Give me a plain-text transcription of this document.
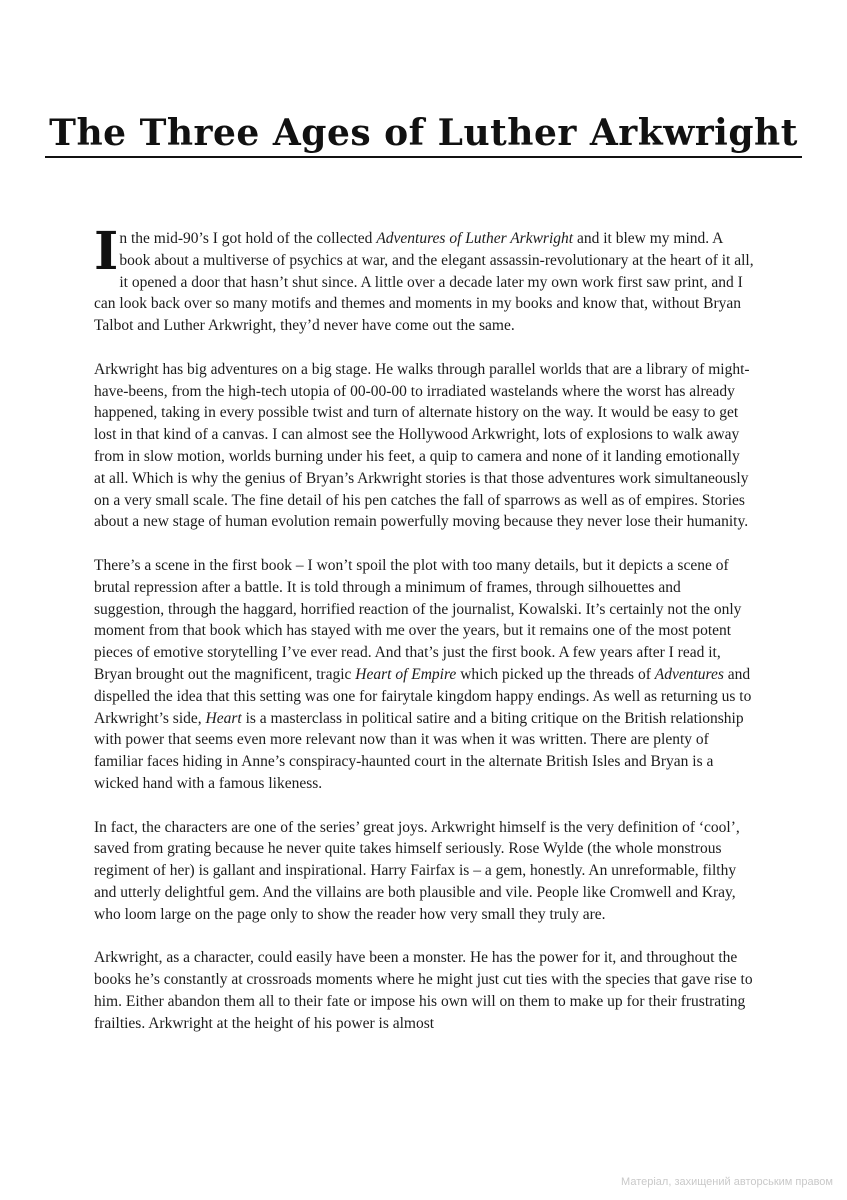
The Three Ages of Luther Arkwright

In the mid-90’s I got hold of the collected Adventures of Luther Arkwright and it blew my mind. A book about a multiverse of psychics at war, and the elegant assassin-revolutionary at the heart of it all, it opened a door that hasn’t shut since. A little over a decade later my own work first saw print, and I can look back over so many motifs and themes and moments in my books and know that, without Bryan Talbot and Luther Arkwright, they’d never have come out the same.

Arkwright has big adventures on a big stage. He walks through parallel worlds that are a library of might-have-beens, from the high-tech utopia of 00-00-00 to irradiated wastelands where the worst has already happened, taking in every possible twist and turn of alternate history on the way. It would be easy to get lost in that kind of a canvas. I can almost see the Hollywood Arkwright, lots of explosions to walk away from in slow motion, worlds burning under his feet, a quip to camera and none of it landing emotionally at all. Which is why the genius of Bryan’s Arkwright stories is that those adventures work simultaneously on a very small scale. The fine detail of his pen catches the fall of sparrows as well as of empires. Stories about a new stage of human evolution remain powerfully moving because they never lose their humanity.

There’s a scene in the first book – I won’t spoil the plot with too many details, but it depicts a scene of brutal repression after a battle. It is told through a minimum of frames, through silhouettes and suggestion, through the haggard, horrified reaction of the journalist, Kowalski. It’s certainly not the only moment from that book which has stayed with me over the years, but it remains one of the most potent pieces of emotive storytelling I’ve ever read. And that’s just the first book. A few years after I read it, Bryan brought out the magnificent, tragic Heart of Empire which picked up the threads of Adventures and dispelled the idea that this setting was one for fairytale kingdom happy endings. As well as returning us to Arkwright’s side, Heart is a masterclass in political satire and a biting critique on the British relationship with power that seems even more relevant now than it was when it was written. There are plenty of familiar faces hiding in Anne’s conspiracy-haunted court in the alternate British Isles and Bryan is a wicked hand with a famous likeness.

In fact, the characters are one of the series’ great joys. Arkwright himself is the very definition of ‘cool’, saved from grating because he never quite takes himself seriously. Rose Wylde (the whole monstrous regiment of her) is gallant and inspirational. Harry Fairfax is – a gem, honestly. An unreformable, filthy and utterly delightful gem. And the villains are both plausible and vile. People like Cromwell and Kray, who loom large on the page only to show the reader how very small they truly are.

Arkwright, as a character, could easily have been a monster. He has the power for it, and throughout the books he’s constantly at crossroads moments where he might just cut ties with the species that gave rise to him. Either abandon them all to their fate or impose his own will on them to make up for their frustrating frailties. Arkwright at the height of his power is almost

Матеріал, захищений авторським правом
